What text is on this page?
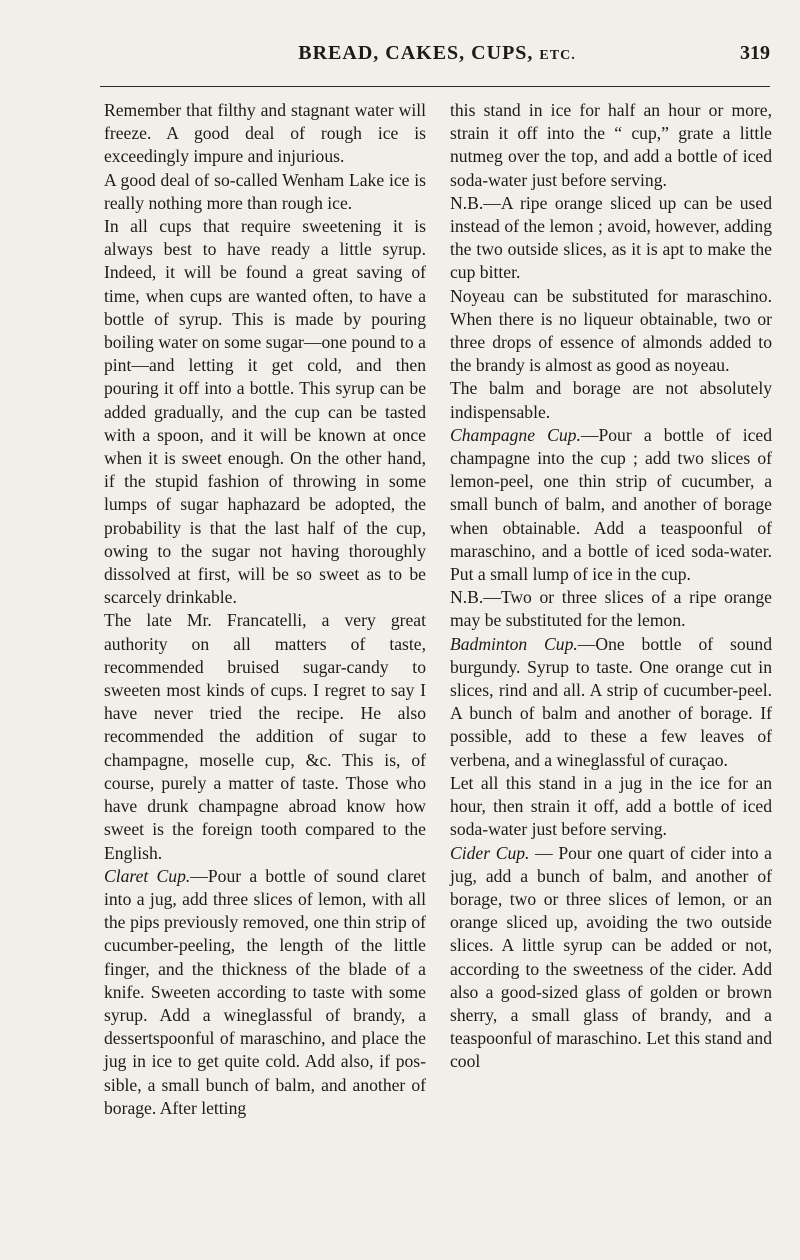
BREAD, CAKES, CUPS, ETC.	319

Remember that filthy and stagnant water will freeze. A good deal of rough ice is exceedingly impure and injurious.

A good deal of so-called Wenham Lake ice is really nothing more than rough ice.

In all cups that require sweetening it is always best to have ready a little syrup. Indeed, it will be found a great saving of time, when cups are wanted often, to have a bottle of syrup. This is made by pouring boiling water on some sugar—one pound to a pint—and letting it get cold, and then pouring it off into a bottle. This syrup can be added gradually, and the cup can be tasted with a spoon, and it will be known at once when it is sweet enough. On the other hand, if the stupid fashion of throwing in some lumps of sugar haphazard be adopted, the probability is that the last half of the cup, owing to the sugar not having thoroughly dissolved at first, will be so sweet as to be scarcely drinkable.

The late Mr. Francatelli, a very great authority on all matters of taste, recommended bruised sugar-candy to sweeten most kinds of cups. I regret to say I have never tried the recipe. He also recommended the addition of sugar to champagne, moselle cup, &c. This is, of course, purely a matter of taste. Those who have drunk champagne abroad know how sweet is the foreign tooth compared to the English.

Claret Cup.—Pour a bottle of sound claret into a jug, add three slices of lemon, with all the pips previously removed, one thin strip of cucumber-peeling, the length of the little finger, and the thickness of the blade of a knife. Sweeten according to taste with some syrup. Add a wineglassful of brandy, a dessertspoonful of maraschino, and place the jug in ice to get quite cold. Add also, if possible, a small bunch of balm, and another of borage. After letting

this stand in ice for half an hour or more, strain it off into the “ cup,” grate a little nutmeg over the top, and add a bottle of iced soda-water just before serving.

N.B.—A ripe orange sliced up can be used instead of the lemon ; avoid, however, adding the two outside slices, as it is apt to make the cup bitter.

Noyeau can be substituted for maraschino. When there is no liqueur obtainable, two or three drops of essence of almonds added to the brandy is almost as good as noyeau.

The balm and borage are not absolutely indispensable.

Champagne Cup.—Pour a bottle of iced champagne into the cup ; add two slices of lemon-peel, one thin strip of cucumber, a small bunch of balm, and another of borage when obtainable. Add a teaspoonful of maraschino, and a bottle of iced soda-water. Put a small lump of ice in the cup.

N.B.—Two or three slices of a ripe orange may be substituted for the lemon.

Badminton Cup.—One bottle of sound burgundy. Syrup to taste. One orange cut in slices, rind and all. A strip of cucumber-peel. A bunch of balm and another of borage. If possible, add to these a few leaves of verbena, and a wineglassful of curaçao.

Let all this stand in a jug in the ice for an hour, then strain it off, add a bottle of iced soda-water just before serving.

Cider Cup. — Pour one quart of cider into a jug, add a bunch of balm, and another of borage, two or three slices of lemon, or an orange sliced up, avoiding the two outside slices. A little syrup can be added or not, according to the sweetness of the cider. Add also a good-sized glass of golden or brown sherry, a small glass of brandy, and a teaspoonful of maraschino. Let this stand and cool
